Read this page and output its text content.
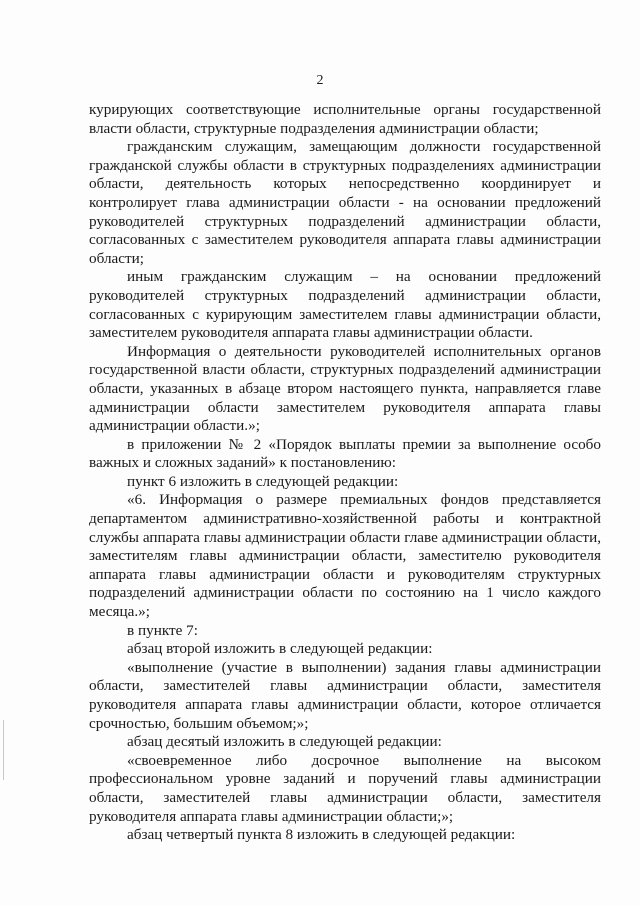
2

курирующих соответствующие исполнительные органы государственной власти области, структурные подразделения администрации области;

гражданским служащим, замещающим должности государственной гражданской службы области в структурных подразделениях администрации области, деятельность которых непосредственно координирует и контролирует глава администрации области - на основании предложений руководителей структурных подразделений администрации области, согласованных с заместителем руководителя аппарата главы администрации области;

иным гражданским служащим – на основании предложений руководителей структурных подразделений администрации области, согласованных с курирующим заместителем главы администрации области, заместителем руководителя аппарата главы администрации области.

Информация о деятельности руководителей исполнительных органов государственной власти области, структурных подразделений администрации области, указанных в абзаце втором настоящего пункта, направляется главе администрации области заместителем руководителя аппарата главы администрации области.»;

в приложении № 2 «Порядок выплаты премии за выполнение особо важных и сложных заданий» к постановлению:

пункт 6 изложить в следующей редакции:

«6. Информация о размере премиальных фондов представляется департаментом административно-хозяйственной работы и контрактной службы аппарата главы администрации области главе администрации области, заместителям главы администрации области, заместителю руководителя аппарата главы администрации области и руководителям структурных подразделений администрации области по состоянию на 1 число каждого месяца.»;

в пункте 7:

абзац второй изложить в следующей редакции:

«выполнение (участие в выполнении) задания главы администрации области, заместителей главы администрации области, заместителя руководителя аппарата главы администрации области, которое отличается срочностью, большим объемом;»;

абзац десятый изложить в следующей редакции:

«своевременное либо досрочное выполнение на высоком профессиональном уровне заданий и поручений главы администрации области, заместителей главы администрации области, заместителя руководителя аппарата главы администрации области;»;

абзац четвертый пункта 8 изложить в следующей редакции:
